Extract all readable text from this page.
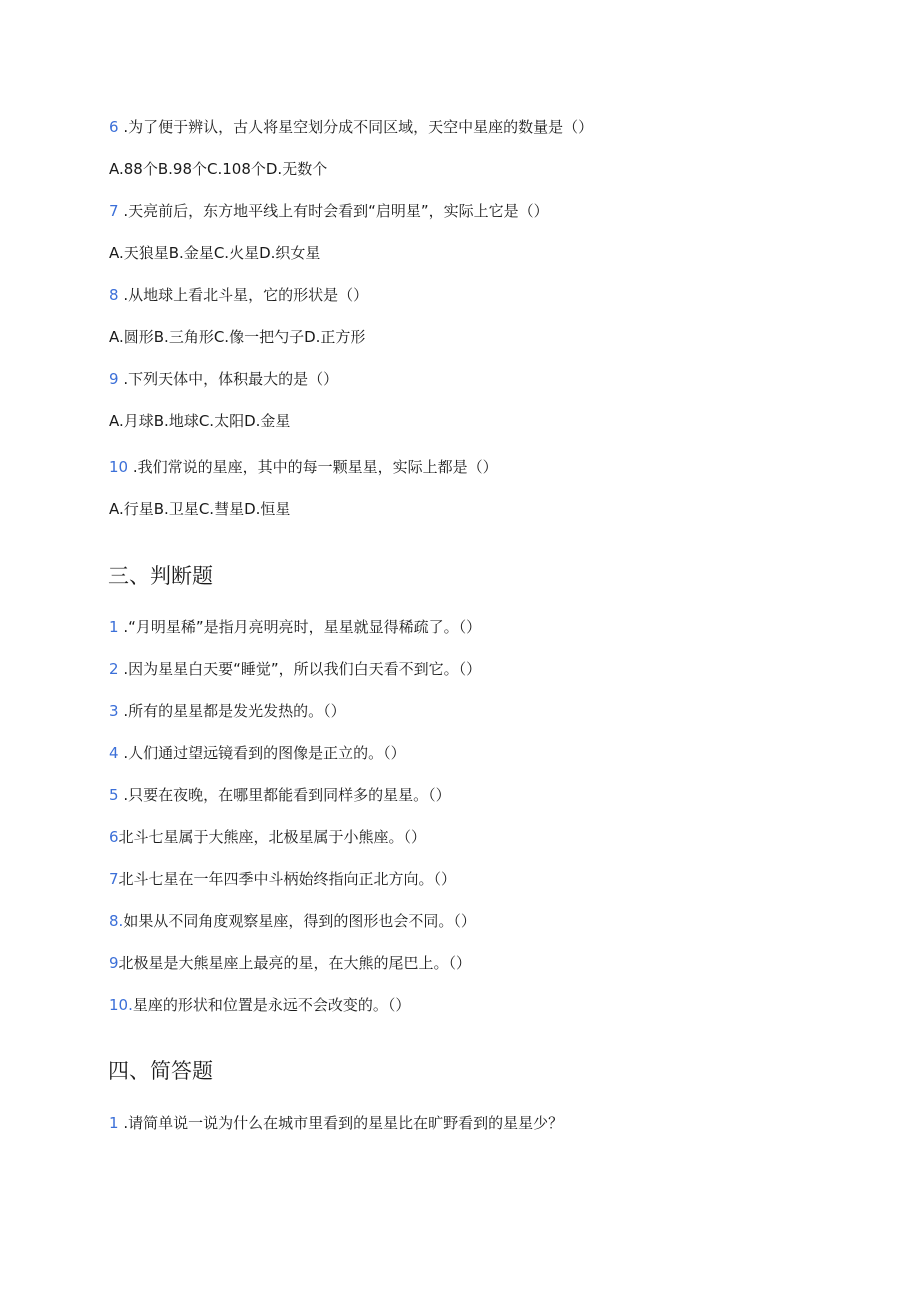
6 .为了便于辨认，古人将星空划分成不同区域，天空中星座的数量是（）
A.88个B.98个C.108个D.无数个
7 .天亮前后，东方地平线上有时会看到“启明星”，实际上它是（）
A.天狼星B.金星C.火星D.织女星
8 .从地球上看北斗星，它的形状是（）
A.圆形B.三角形C.像一把勺子D.正方形
9 .下列天体中，体积最大的是（）
A.月球B.地球C.太阳D.金星
10 .我们常说的星座，其中的每一颗星星，实际上都是（）
A.行星B.卫星C.彗星D.恒星
三、判断题
1 .“月明星稀”是指月亮明亮时，星星就显得稀疏了。（）
2 .因为星星白天要“睡觉”，所以我们白天看不到它。（）
3 .所有的星星都是发光发热的。（）
4 .人们通过望远镜看到的图像是正立的。（）
5 .只要在夜晚，在哪里都能看到同样多的星星。（）
6北斗七星属于大熊座，北极星属于小熊座。（）
7北斗七星在一年四季中斗柄始终指向正北方向。（）
8.如果从不同角度观察星座，得到的图形也会不同。（）
9北极星是大熊星座上最亮的星，在大熊的尾巴上。（）
10.星座的形状和位置是永远不会改变的。（）
四、简答题
1 .请简单说一说为什么在城市里看到的星星比在旷野看到的星星少？
